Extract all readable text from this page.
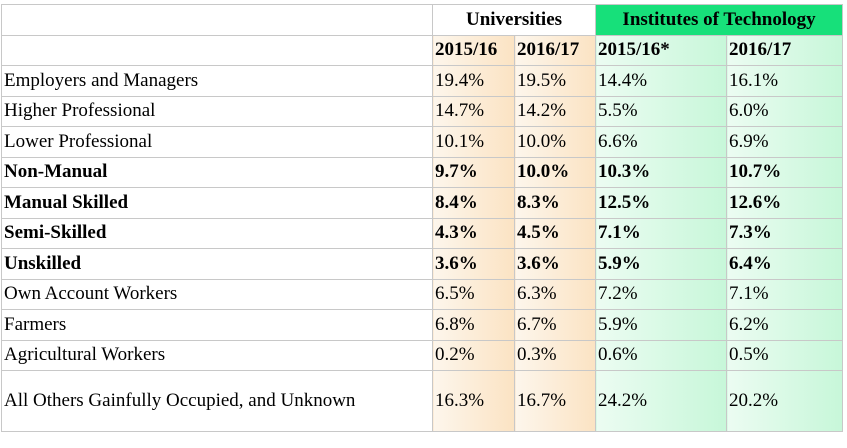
	Universities		Institutes of Technology	
	2015/16	2016/17	2015/16*	2016/17
Employers and Managers	19.4%	19.5%	14.4%	16.1%
Higher Professional	14.7%	14.2%	5.5%	6.0%
Lower Professional	10.1%	10.0%	6.6%	6.9%
Non-Manual	9.7%	10.0%	10.3%	10.7%
Manual Skilled	8.4%	8.3%	12.5%	12.6%
Semi-Skilled	4.3%	4.5%	7.1%	7.3%
Unskilled	3.6%	3.6%	5.9%	6.4%
Own Account Workers	6.5%	6.3%	7.2%	7.1%
Farmers	6.8%	6.7%	5.9%	6.2%
Agricultural Workers	0.2%	0.3%	0.6%	0.5%
All Others Gainfully Occupied, and Unknown	16.3%	16.7%	24.2%	20.2%
